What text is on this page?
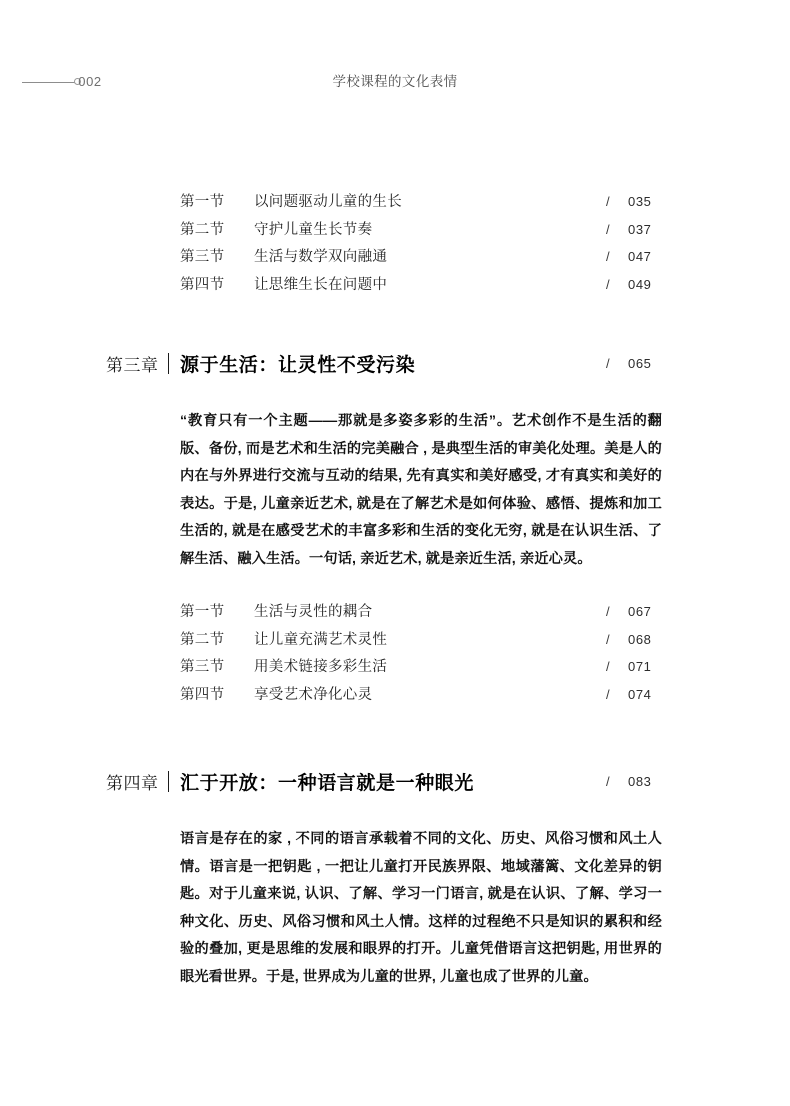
002	学校课程的文化表情
第一节	以问题驱动儿童的生长	/	035
第二节	守护儿童生长节奏	/	037
第三节	生活与数学双向融通	/	047
第四节	让思维生长在问题中	/	049
第三章 源于生活：让灵性不受污染	/	065
“教育只有一个主题——那就是多姿多彩的生活”。艺术创作不是生活的翻版、备份, 而是艺术和生活的完美融合 , 是典型生活的审美化处理。美是人的内在与外界进行交流与互动的结果, 先有真实和美好感受, 才有真实和美好的表达。于是, 儿童亲近艺术, 就是在了解艺术是如何体验、感悟、提炼和加工生活的, 就是在感受艺术的丰富多彩和生活的变化无穷, 就是在认识生活、了解生活、融入生活。一句话, 亲近艺术, 就是亲近生活, 亲近心灵。
第一节	生活与灵性的耦合	/	067
第二节	让儿童充满艺术灵性	/	068
第三节	用美术链接多彩生活	/	071
第四节	享受艺术净化心灵	/	074
第四章 汇于开放：一种语言就是一种眼光	/	083
语言是存在的家 , 不同的语言承载着不同的文化、历史、风俗习惯和风土人情。语言是一把钥匙 , 一把让儿童打开民族界限、地域藩篱、文化差异的钥匙。对于儿童来说, 认识、了解、学习一门语言, 就是在认识、了解、学习一种文化、历史、风俗习惯和风土人情。这样的过程绝不只是知识的累积和经验的叠加, 更是思维的发展和眼界的打开。儿童凭借语言这把钥匙, 用世界的眼光看世界。于是, 世界成为儿童的世界, 儿童也成了世界的儿童。
